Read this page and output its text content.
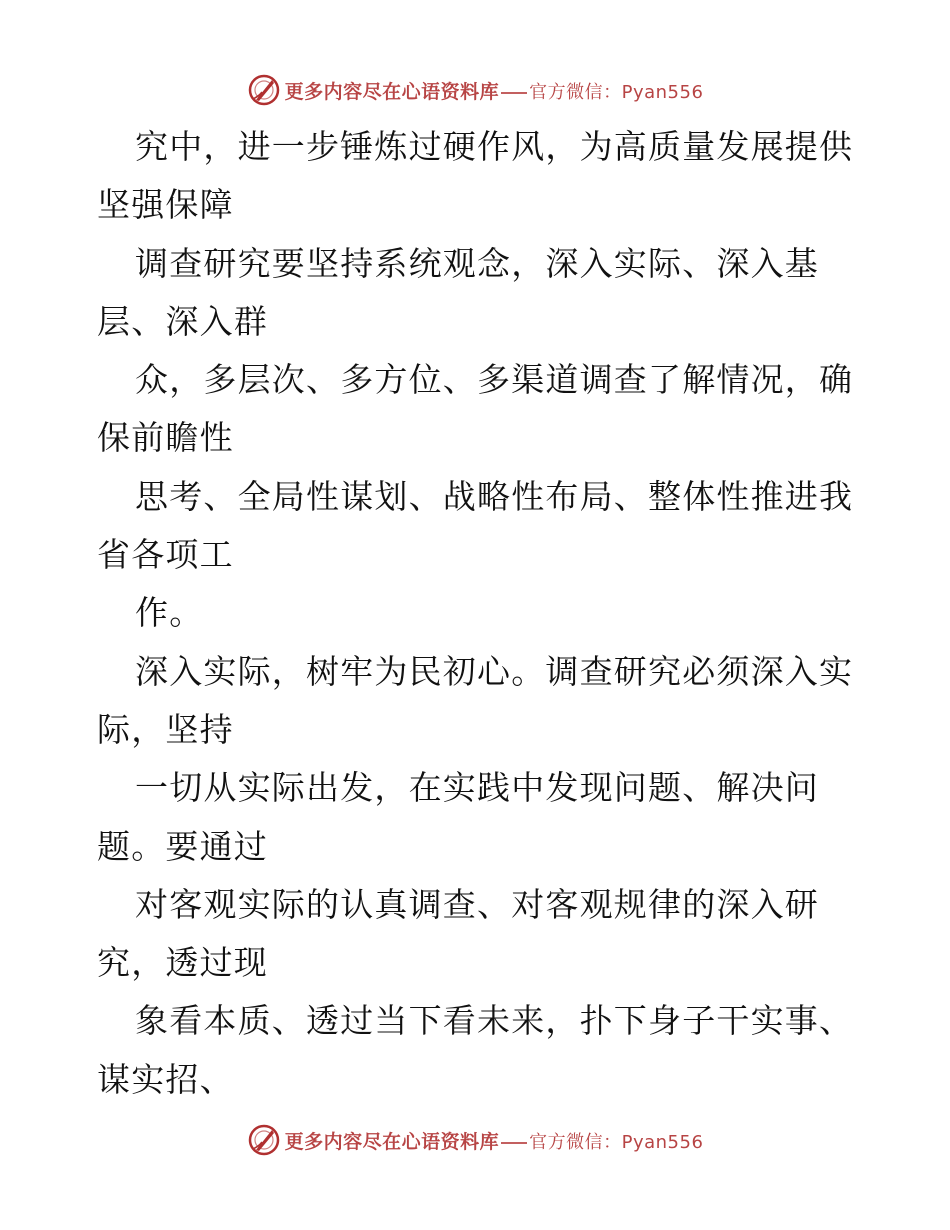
更多内容尽在心语资料库 官方微信：Pyan556
究中，进一步锤炼过硬作风，为高质量发展提供
坚强保障
调查研究要坚持系统观念，深入实际、深入基
层、深入群
众，多层次、多方位、多渠道调查了解情况，确
保前瞻性
思考、全局性谋划、战略性布局、整体性推进我
省各项工
作。
深入实际，树牢为民初心。调查研究必须深入实
际，坚持
一切从实际出发，在实践中发现问题、解决问
题。要通过
对客观实际的认真调查、对客观规律的深入研
究，透过现
象看本质、透过当下看未来，扑下身子干实事、
谋实招、
更多内容尽在心语资料库 官方微信：Pyan556
